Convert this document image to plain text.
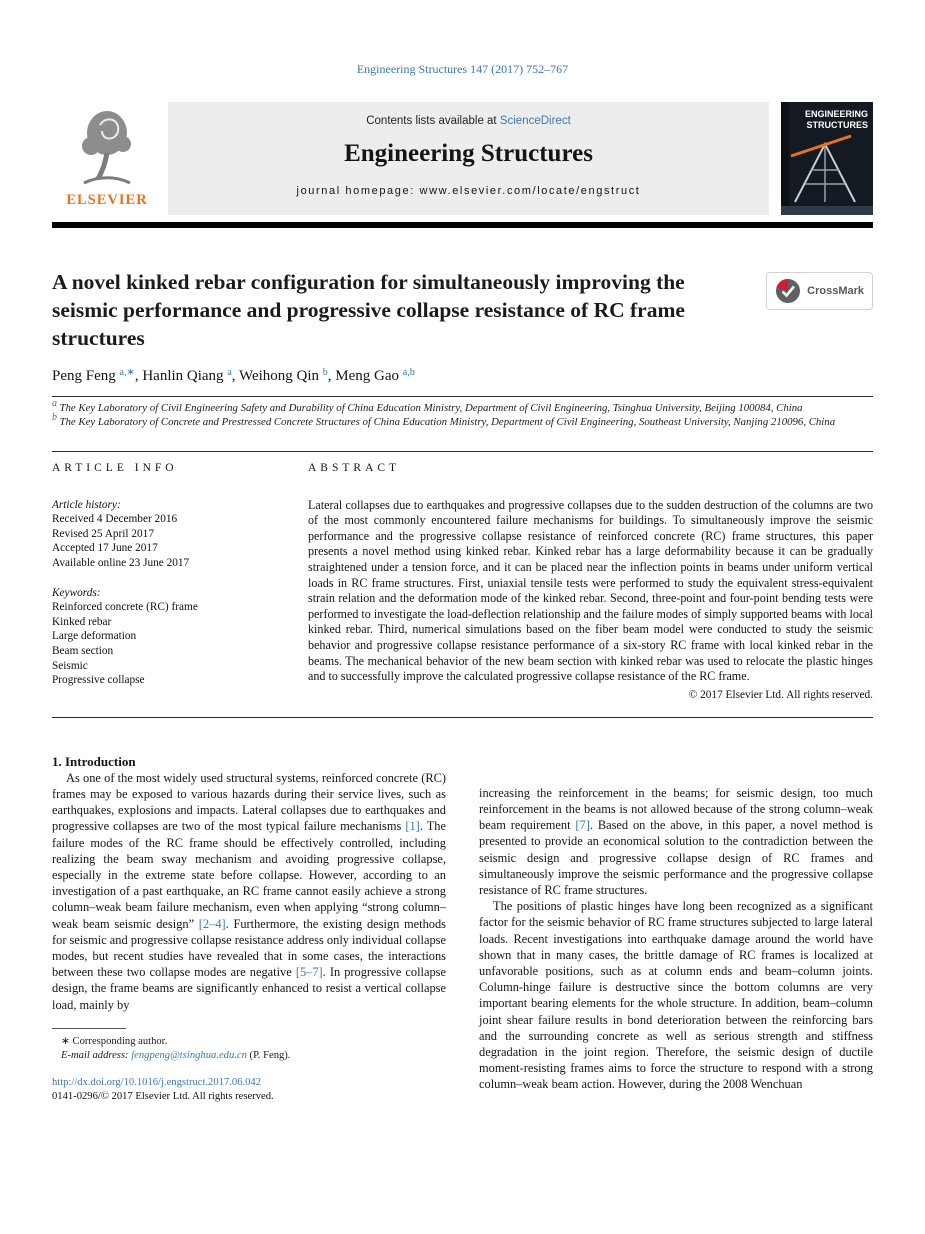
Engineering Structures 147 (2017) 752–767
ELSEVIER
Contents lists available at ScienceDirect
Engineering Structures
journal homepage: www.elsevier.com/locate/engstruct
ENGINEERING
STRUCTURES
A novel kinked rebar configuration for simultaneously improving the seismic performance and progressive collapse resistance of RC frame structures
CrossMark
Peng Feng $^{a,∗}$, Hanlin Qiang $^a$, Weihong Qin $^b$, Meng Gao $^{a,b}$
a The Key Laboratory of Civil Engineering Safety and Durability of China Education Ministry, Department of Civil Engineering, Tsinghua University, Beijing 100084, China
b The Key Laboratory of Concrete and Prestressed Concrete Structures of China Education Ministry, Department of Civil Engineering, Southeast University, Nanjing 210096, China
ARTICLE INFO
Article history:
Received 4 December 2016
Revised 25 April 2017
Accepted 17 June 2017
Available online 23 June 2017
Keywords:
Reinforced concrete (RC) frame
Kinked rebar
Large deformation
Beam section
Seismic
Progressive collapse
ABSTRACT
Lateral collapses due to earthquakes and progressive collapses due to the sudden destruction of the columns are two of the most commonly encountered failure mechanisms for buildings. To simultaneously improve the seismic performance and the progressive collapse resistance of reinforced concrete (RC) frame structures, this paper presents a novel method using kinked rebar. Kinked rebar has a large deformability because it can be gradually straightened under a tension force, and it can be placed near the inflection points in beams under uniform vertical loads in RC frame structures. First, uniaxial tensile tests were performed to study the equivalent stress-equivalent strain relation and the deformation mode of the kinked rebar. Second, three-point and four-point bending tests were performed to investigate the load-deflection relationship and the failure modes of simply supported beams with local kinked rebar. Third, numerical simulations based on the fiber beam model were conducted to study the seismic behavior and progressive collapse resistance performance of a six-story RC frame with local kinked rebar in the beams. The mechanical behavior of the new beam section with kinked rebar was used to relocate the plastic hinges and to successfully improve the calculated progressive collapse resistance of the RC frame.
© 2017 Elsevier Ltd. All rights reserved.
1. Introduction

As one of the most widely used structural systems, reinforced concrete (RC) frames may be exposed to various hazards during their service lives, such as earthquakes, explosions and impacts. Lateral collapses due to earthquakes and progressive collapses are two of the most typical failure mechanisms [1]. The failure modes of the RC frame should be effectively controlled, including realizing the beam sway mechanism and avoiding progressive collapse, especially in the extreme state before collapse. However, according to an investigation of a past earthquake, an RC frame cannot easily achieve a strong column–weak beam failure mechanism, even when applying “strong column–weak beam seismic design” [2–4]. Furthermore, the existing design methods for seismic and progressive collapse resistance address only individual collapse modes, but recent studies have revealed that in some cases, the interactions between these two collapse modes are negative [5–7]. In progressive collapse design, the frame beams are significantly enhanced to resist a vertical collapse load, mainly by

∗ Corresponding author.
E-mail address: fengpeng@tsinghua.edu.cn (P. Feng).
http://dx.doi.org/10.1016/j.engstruct.2017.06.042
0141-0296/© 2017 Elsevier Ltd. All rights reserved.

increasing the reinforcement in the beams; for seismic design, too much reinforcement in the beams is not allowed because of the strong column–weak beam requirement [7]. Based on the above, in this paper, a novel method is presented to provide an economical solution to the contradiction between the seismic design and progressive collapse design of RC frames and simultaneously improve the seismic performance and the progressive collapse resistance of RC frame structures.

The positions of plastic hinges have long been recognized as a significant factor for the seismic behavior of RC frame structures subjected to large lateral loads. Recent investigations into earthquake damage around the world have shown that in many cases, the brittle damage of RC frames is localized at unfavorable positions, such as at column ends and beam–column joints. Column-hinge failure is destructive since the bottom columns are very important bearing elements for the whole structure. In addition, beam–column joint shear failure results in bond deterioration between the reinforcing bars and the surrounding concrete as well as serious strength and stiffness degradation in the joint region. Therefore, the seismic design of ductile moment-resisting frames aims to force the structure to respond with a strong column–weak beam action. However, during the 2008 Wenchuan
